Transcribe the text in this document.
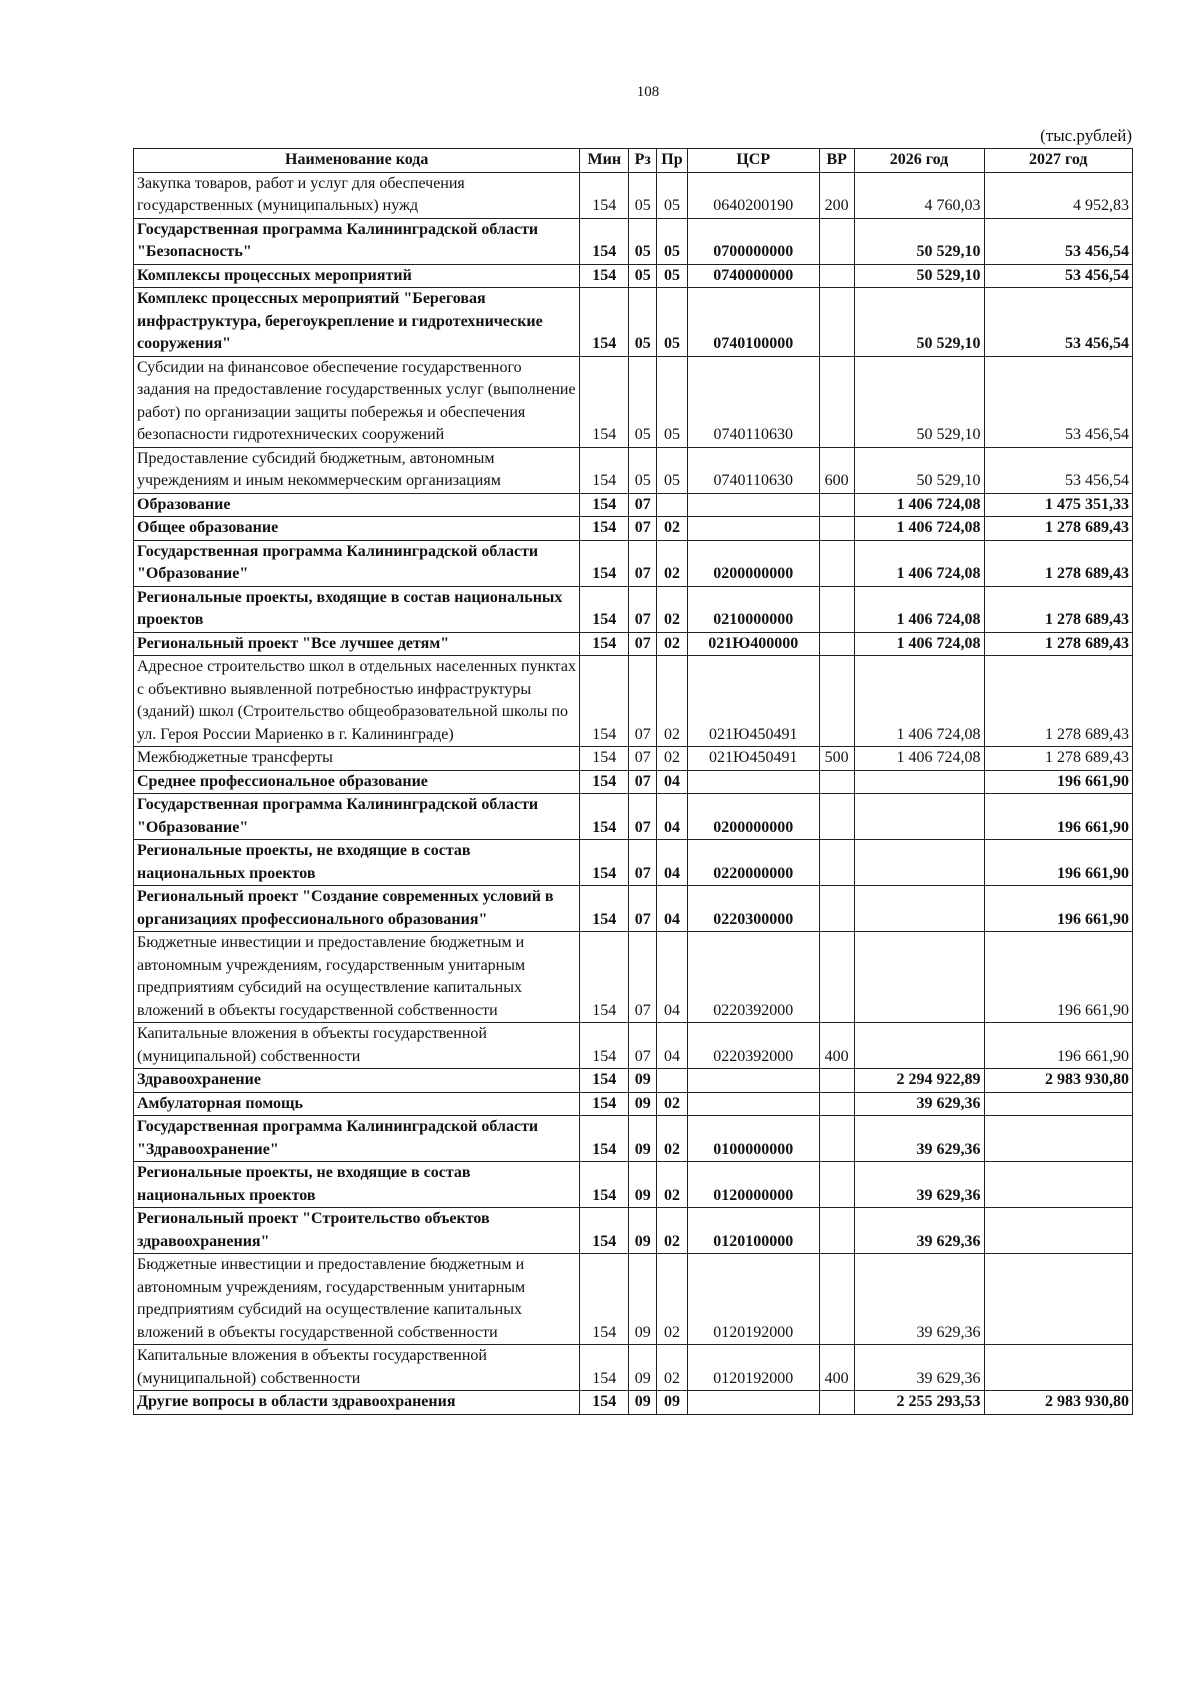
108
(тыс.рублей)
Наименование кода	Мин	Рз	Пр	ЦСР	ВР	2026 год	2027 год
Закупка товаров, работ и услуг для обеспечения государственных (муниципальных) нужд	154	05	05	0640200190	200	4 760,03	4 952,83
Государственная программа Калининградской области "Безопасность"	154	05	05	0700000000		50 529,10	53 456,54
Комплексы процессных мероприятий	154	05	05	0740000000		50 529,10	53 456,54
Комплекс процессных мероприятий "Береговая инфраструктура, берегоукрепление и гидротехнические сооружения"	154	05	05	0740100000		50 529,10	53 456,54
Субсидии на финансовое обеспечение государственного задания на предоставление государственных услуг (выполнение работ) по организации защиты побережья и обеспечения безопасности гидротехнических сооружений	154	05	05	0740110630		50 529,10	53 456,54
Предоставление субсидий бюджетным, автономным учреждениям и иным некоммерческим организациям	154	05	05	0740110630	600	50 529,10	53 456,54
Образование	154	07				1 406 724,08	1 475 351,33
Общее образование	154	07	02			1 406 724,08	1 278 689,43
Государственная программа Калининградской области "Образование"	154	07	02	0200000000		1 406 724,08	1 278 689,43
Региональные проекты, входящие в состав национальных проектов	154	07	02	0210000000		1 406 724,08	1 278 689,43
Региональный проект "Все лучшее детям"	154	07	02	021Ю400000		1 406 724,08	1 278 689,43
Адресное строительство школ в отдельных населенных пунктах с объективно выявленной потребностью инфраструктуры (зданий) школ (Строительство общеобразовательной школы по ул. Героя России Мариенко в г. Калининграде)	154	07	02	021Ю450491		1 406 724,08	1 278 689,43
Межбюджетные трансферты	154	07	02	021Ю450491	500	1 406 724,08	1 278 689,43
Среднее профессиональное образование	154	07	04				196 661,90
Государственная программа Калининградской области "Образование"	154	07	04	0200000000			196 661,90
Региональные проекты, не входящие в состав национальных проектов	154	07	04	0220000000			196 661,90
Региональный проект "Создание современных условий в организациях профессионального образования"	154	07	04	0220300000			196 661,90
Бюджетные инвестиции и предоставление бюджетным и автономным учреждениям, государственным унитарным предприятиям субсидий на осуществление капитальных вложений в объекты государственной собственности	154	07	04	0220392000			196 661,90
Капитальные вложения в объекты государственной (муниципальной) собственности	154	07	04	0220392000	400		196 661,90
Здравоохранение	154	09				2 294 922,89	2 983 930,80
Амбулаторная помощь	154	09	02			39 629,36	
Государственная программа Калининградской области "Здравоохранение"	154	09	02	0100000000		39 629,36	
Региональные проекты, не входящие в состав национальных проектов	154	09	02	0120000000		39 629,36	
Региональный проект "Строительство объектов здравоохранения"	154	09	02	0120100000		39 629,36	
Бюджетные инвестиции и предоставление бюджетным и автономным учреждениям, государственным унитарным предприятиям субсидий на осуществление капитальных вложений в объекты государственной собственности	154	09	02	0120192000		39 629,36	
Капитальные вложения в объекты государственной (муниципальной) собственности	154	09	02	0120192000	400	39 629,36	
Другие вопросы в области здравоохранения	154	09	09			2 255 293,53	2 983 930,80
